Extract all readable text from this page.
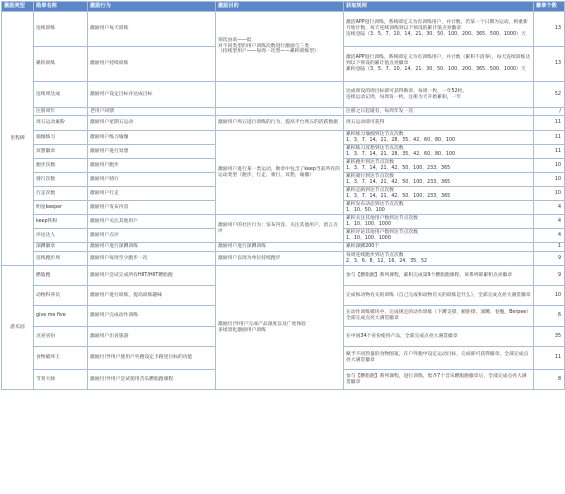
激励类型	勋章名称	激励行为	激励目的	获取规则	徽章个数
里程碑	连续训练	激励用户每天训练	预次由高——低
对不同类型的用户训练次数进行激励与三类
（持续型用户——每周一次型——累积训练型）	激活APP进行训练，系统即定义为有训练用户，并计数，若某一个日期为运动，则重新开始计数，每天连续训练到以下预设的累计值点亮徽章
连续登陆（3、5、7、10、14、21、30、50、100、200、365、500、1000）天	13
	累积训练	激励用户持续训练		激活APP进行训练，系统即定义为有训练用户，并计数（累积不清零），每天连续训练达到以下预设的累计值点亮徽章
累积登陆（3、5、7、10、14、21、30、50、100、200、365、500、1000）天	13
	连续周达成	激励用户设定目标并达成目标		达成预设的周目标即可获得勋章，每周一枚，一年52枚。
连续运动记周，每周发一枚，注册为天开始累积，一年	52
	注册周年	老用户回馈		注册之日起就有，每周年发一次	/
	周五运动素粉	激励用户星期五运动	激励用户周五进行训练的行为，提高平台周五的活跃数据	周五运动即可获得	11
	瑜伽练习	激励用户练习瑜伽	激励用户进行某一类运动，勋章中包含了keep当前所有的运动类型（跑步，行走，骑行，冥想，瑜伽）	累积练习瑜伽到达节点次数
1、3、7、14、21、28、35、42、60、80、100	11
	冥想徽章	激励用户进行冥想		累积练习冥想到达节点次数
1、3、7、14、21、28、35、42、60、80、100	11
	跑步次数	激励用户跑步		累积跑步到达节点次数
1、3、7、14、21、42、50、100、233、365	10
	骑行次数	激励用户骑行		累积骑行到达节点次数
1、3、7、14、21、42、50、100、233、365	10
	行走次数	激励用户行走		累积走路到达节点次数
1、3、7、14、21、42、50、100、233、365	10
	明星keeper	激励用户发布内容		累积发布动态到达节点次数
1、10、50、100	4
	keep铁粉	激励用户关注其他用户	激励用户的社区行为：发布内容，关注其他用户，留言点评	累积关注其他用户数到达节点次数
1、10、100、1000	4
	评论达人	激励用户点评		累积评论其他用户数到达节点次数
1、10、100、1000	4
	深蹲徽章	激励用户进行深蹲训练	激励用户进行深蹲训练	累积深蹲200个	1
	连续跑步周	激励用户每周至少跑步一次	激励用户以周为单位持续跑步	每周连续跑步到达节点次数
2、3、6、8、12、16、24、35、52	9
游乐园	燃脂跑	激励用户尝试完成所有HIIT/HIIT燃脂跑	激励/引导用户完成产品深度以及广度体验
多场景化激励用户训练	参与【燃脂跑】系列课程，累积完成第9个燃脂跑课程，该系列即累积点亮徽章	9
	动物科养员	激励用户进行训练，提高训练趣味		完成和动物有关的训练（自己完成和动物有关的训练是什么），全部完成点亮大满贯徽章	10
	give me five	激励用户完成动作训练		在动作训练模块中，完成规定的动作训练（下蹲支撑，俯卧撑，深蹲，卷腹，Berpee）全部完成点亮大满贯徽章	6
	点亮省份	激励用户出省旅游		在中国34个省份使用产品，全部完成点亮大满贯徽章	35
	食物破坏王	激励/引导用户使用户外跑设定卡路里目标的功能		赋予不同热量的食物图案，在户外跑中设定运动目标，完成即可获得徽章，全部完成点亮大满贯徽章	11
	节奏大师	激励/引导用户尝试使用音乐燃脂跑课程		参与【燃脂跑】系列课程，进行训练，集齐7个音乐燃脂跑徽章后，全部完成点亮大满贯徽章	8
